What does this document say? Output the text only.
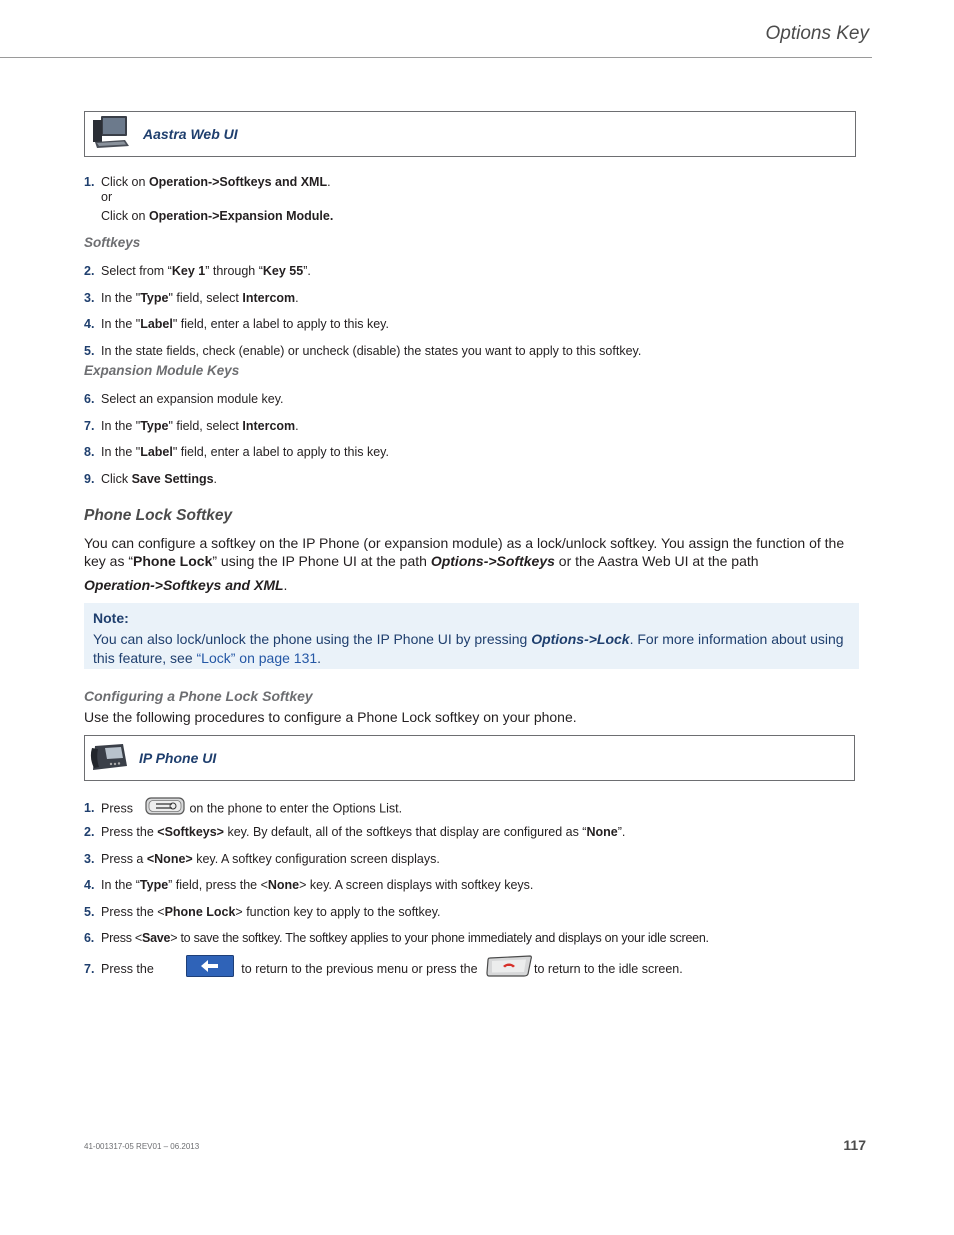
Options Key
Aastra Web UI
1. Click on Operation->Softkeys and XML.
or
Click on Operation->Expansion Module.
2. Select from “Key 1” through “Key 55”.
3. In the "Type" field, select Intercom.
4. In the "Label" field, enter a label to apply to this key.
5. In the state fields, check (enable) or uncheck (disable) the states you want to apply to this softkey.
6. Select an expansion module key.
7. In the "Type" field, select Intercom.
8. In the "Label" field, enter a label to apply to this key.
9. Click Save Settings.
Softkeys
Expansion Module Keys
Phone Lock Softkey
You can configure a softkey on the IP Phone (or expansion module) as a lock/unlock softkey. You assign the function of the key as “Phone Lock” using the IP Phone UI at the path Options->Softkeys or the Aastra Web UI at the path
Operation->Softkeys and XML.
Note:
You can also lock/unlock the phone using the IP Phone UI by pressing Options->Lock. For more information about using this feature, see “Lock” on page 131.
Configuring a Phone Lock Softkey
Use the following procedures to configure a Phone Lock softkey on your phone.
IP Phone UI
1. Press	on the phone to enter the Options List.
2. Press the <Softkeys> key. By default, all of the softkeys that display are configured as “None”.
3. Press a <None> key. A softkey configuration screen displays.
4. In the “Type” field, press the <None> key. A screen displays with softkey keys.
5. Press the <Phone Lock> function key to apply to the softkey.
6. Press <Save> to save the softkey. The softkey applies to your phone immediately and displays on your idle screen.
7. Press the	to return to the previous menu or press the	to return to the idle screen.
41-001317-05 REV01 – 06.2013	117
